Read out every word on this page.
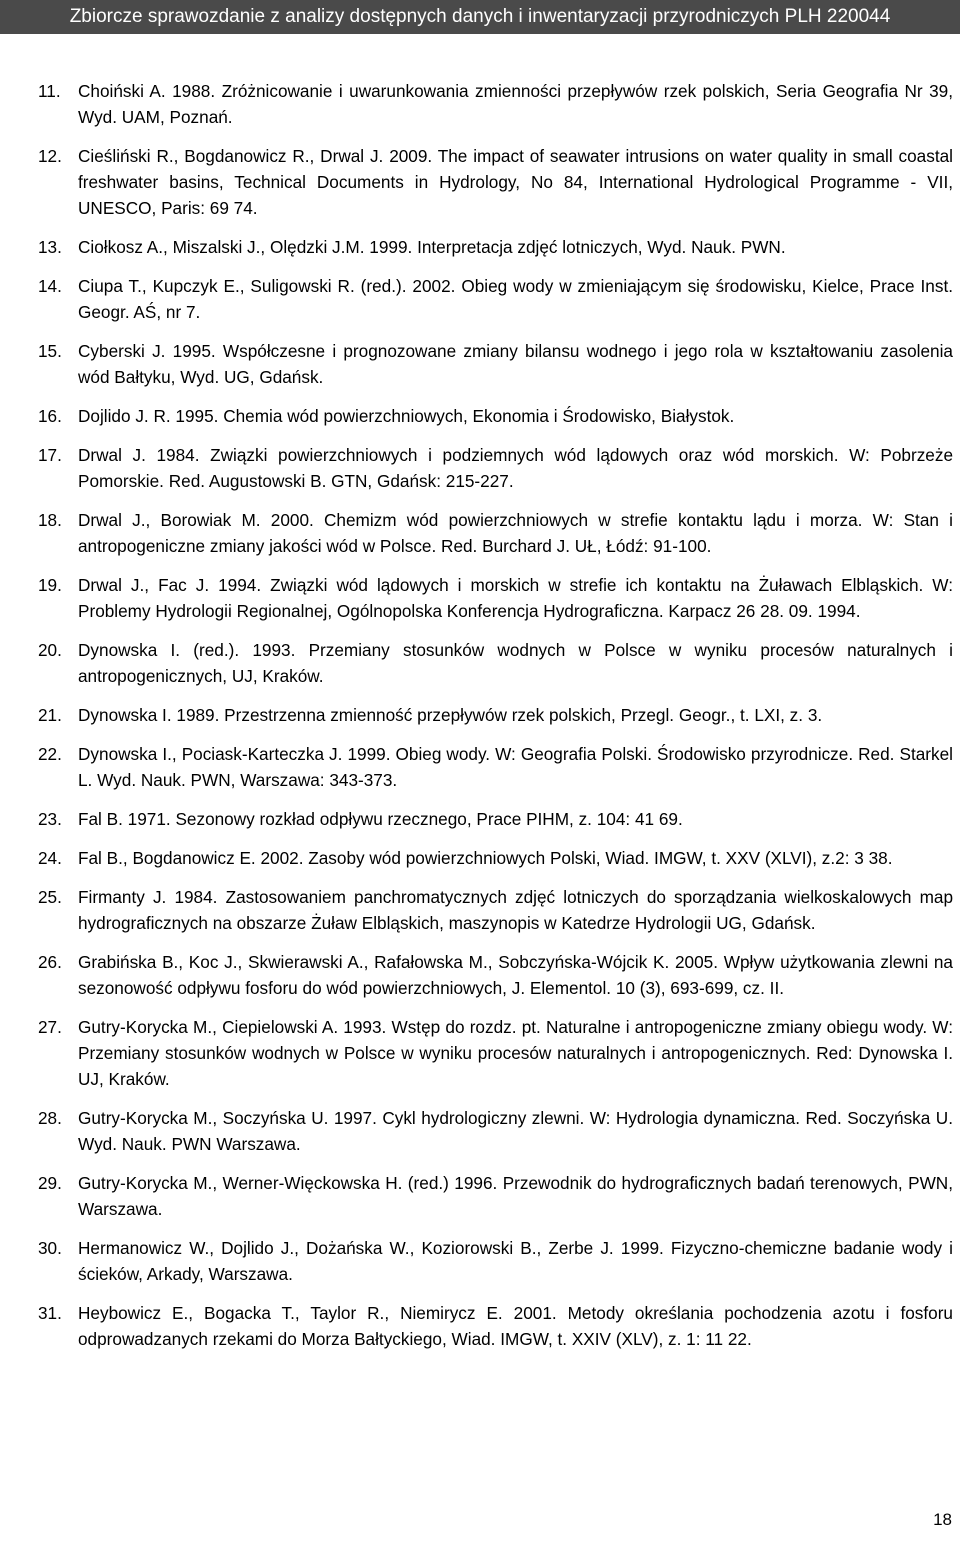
Zbiorcze sprawozdanie z analizy dostępnych danych i inwentaryzacji przyrodniczych PLH 220044
11. Choiński A. 1988. Zróżnicowanie i uwarunkowania zmienności przepływów rzek polskich, Seria Geografia Nr 39, Wyd. UAM, Poznań.
12. Cieśliński R., Bogdanowicz R., Drwal J. 2009. The impact of seawater intrusions on water quality in small coastal freshwater basins, Technical Documents in Hydrology, No 84, International Hydrological Programme - VII, UNESCO, Paris: 69 74.
13. Ciołkosz A., Miszalski J., Olędzki J.M. 1999. Interpretacja zdjęć lotniczych, Wyd. Nauk. PWN.
14. Ciupa T., Kupczyk E., Suligowski R. (red.). 2002. Obieg wody w zmieniającym się środowisku, Kielce, Prace Inst. Geogr. AŚ, nr 7.
15. Cyberski J. 1995. Współczesne i prognozowane zmiany bilansu wodnego i jego rola w kształtowaniu zasolenia wód Bałtyku, Wyd. UG, Gdańsk.
16. Dojlido J. R. 1995. Chemia wód powierzchniowych, Ekonomia i Środowisko, Białystok.
17. Drwal J. 1984. Związki powierzchniowych i podziemnych wód lądowych oraz wód morskich. W: Pobrzeże Pomorskie. Red. Augustowski B. GTN, Gdańsk: 215-227.
18. Drwal J., Borowiak M. 2000. Chemizm wód powierzchniowych w strefie kontaktu lądu i morza. W: Stan i antropogeniczne zmiany jakości wód w Polsce. Red. Burchard J. UŁ, Łódź: 91-100.
19. Drwal J., Fac J. 1994. Związki wód lądowych i morskich w strefie ich kontaktu na Żuławach Elbląskich. W: Problemy Hydrologii Regionalnej, Ogólnopolska Konferencja Hydrograficzna. Karpacz 26 28. 09. 1994.
20. Dynowska I. (red.). 1993. Przemiany stosunków wodnych w Polsce w wyniku procesów naturalnych i antropogenicznych, UJ, Kraków.
21. Dynowska I. 1989. Przestrzenna zmienność przepływów rzek polskich, Przegl. Geogr., t. LXI, z. 3.
22. Dynowska I., Pociask-Karteczka J. 1999. Obieg wody. W: Geografia Polski. Środowisko przyrodnicze. Red. Starkel L. Wyd. Nauk. PWN, Warszawa: 343-373.
23. Fal B. 1971. Sezonowy rozkład odpływu rzecznego, Prace PIHM, z. 104: 41 69.
24. Fal B., Bogdanowicz E. 2002. Zasoby wód powierzchniowych Polski, Wiad. IMGW, t. XXV (XLVI), z.2: 3 38.
25. Firmanty J. 1984. Zastosowaniem panchromatycznych zdjęć lotniczych do sporządzania wielkoskalowych map hydrograficznych na obszarze Żuław Elbląskich, maszynopis w Katedrze Hydrologii UG, Gdańsk.
26. Grabińska B., Koc J., Skwierawski A., Rafałowska M., Sobczyńska-Wójcik K. 2005. Wpływ użytkowania zlewni na sezonowość odpływu fosforu do wód powierzchniowych, J. Elementol. 10 (3), 693-699, cz. II.
27. Gutry-Korycka M., Ciepielowski A. 1993. Wstęp do rozdz. pt. Naturalne i antropogeniczne zmiany obiegu wody. W: Przemiany stosunków wodnych w Polsce w wyniku procesów naturalnych i antropogenicznych. Red: Dynowska I. UJ, Kraków.
28. Gutry-Korycka M., Soczyńska U. 1997. Cykl hydrologiczny zlewni. W: Hydrologia dynamiczna. Red. Soczyńska U. Wyd. Nauk. PWN Warszawa.
29. Gutry-Korycka M., Werner-Więckowska H. (red.) 1996. Przewodnik do hydrograficznych badań terenowych, PWN, Warszawa.
30. Hermanowicz W., Dojlido J., Dożańska W., Koziorowski B., Zerbe J. 1999. Fizyczno-chemiczne badanie wody i ścieków, Arkady, Warszawa.
31. Heybowicz E., Bogacka T., Taylor R., Niemirycz E. 2001. Metody określania pochodzenia azotu i fosforu odprowadzanych rzekami do Morza Bałtyckiego, Wiad. IMGW, t. XXIV (XLV), z. 1: 11 22.
18
